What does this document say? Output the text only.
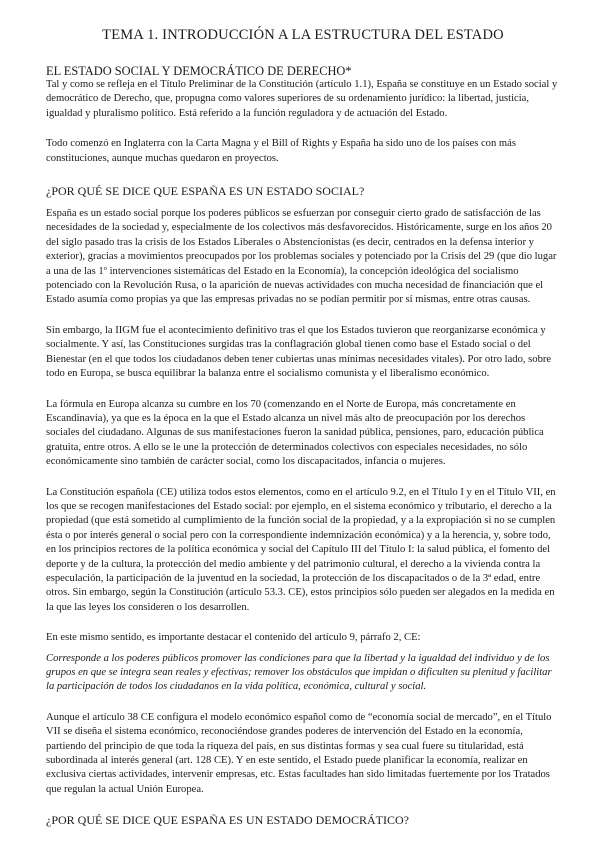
TEMA 1. INTRODUCCIÓN A LA ESTRUCTURA DEL ESTADO
EL ESTADO SOCIAL Y DEMOCRÁTICO DE DERECHO*

Tal y como se refleja en el Título Preliminar de la Constitución (artículo 1.1), España se constituye en un Estado social y democrático de Derecho, que, propugna como valores superiores de su ordenamiento jurídico: la libertad, justicia, igualdad y pluralismo político. Está referido a la función reguladora y de actuación del Estado.

Todo comenzó en Inglaterra con la Carta Magna y el Bill of Rights y España ha sido uno de los países con más constituciones, aunque muchas quedaron en proyectos.

¿POR QUÉ SE DICE QUE ESPAÑA ES UN ESTADO SOCIAL?

España es un estado social porque los poderes públicos se esfuerzan por conseguir cierto grado de satisfacción de las necesidades de la sociedad y, especialmente de los colectivos más desfavorecidos. Históricamente, surge en los años 20 del siglo pasado tras la crisis de los Estados Liberales o Abstencionistas (es decir, centrados en la defensa interior y exterior), gracias a movimientos preocupados por los problemas sociales y potenciado por la Crisis del 29 (que dio lugar a una de las 1º intervenciones sistemáticas del Estado en la Economía), la concepción ideológica del socialismo potenciado con la Revolución Rusa, o la aparición de nuevas actividades con mucha necesidad de financiación que el Estado asumía como propias ya que las empresas privadas no se podían permitir por sí mismas, entre otras causas.

Sin embargo, la IIGM fue el acontecimiento definitivo tras el que los Estados tuvieron que reorganizarse económica y socialmente. Y así, las Constituciones surgidas tras la conflagración global tienen como base el Estado social o del Bienestar (en el que todos los ciudadanos deben tener cubiertas unas mínimas necesidades vitales). Por otro lado, sobre todo en Europa, se busca equilibrar la balanza entre el socialismo comunista y el liberalismo económico.

La fórmula en Europa alcanza su cumbre en los 70 (comenzando en el Norte de Europa, más concretamente en Escandinavia), ya que es la época en la que el Estado alcanza un nivel más alto de preocupación por los derechos sociales del ciudadano. Algunas de sus manifestaciones fueron la sanidad pública, pensiones, paro, educación pública gratuita, entre otros. A ello se le une la protección de determinados colectivos con especiales necesidades, no sólo económicamente sino también de carácter social, como los discapacitados, infancia o mujeres.

La Constitución española (CE) utiliza todos estos elementos, como en el artículo 9.2, en el Título I y en el Título VII, en los que se recogen manifestaciones del Estado social: por ejemplo, en el sistema económico y tributario, el derecho a la propiedad (que está sometido al cumplimiento de la función social de la propiedad, y a la expropiación si no se cumplen ésta o por interés general o social pero con la correspondiente indemnización económica) y a la herencia, y, sobre todo, en los principios rectores de la política económica y social del Capítulo III del Título I: la salud pública, el fomento del deporte y de la cultura, la protección del medio ambiente y del patrimonio cultural, el derecho a la vivienda contra la especulación, la participación de la juventud en la sociedad, la protección de los discapacitados o de la 3ª edad, entre otros. Sin embargo, según la Constitución (artículo 53.3. CE), estos principios sólo pueden ser alegados en la medida en la que las leyes los consideren o los desarrollen.

En este mismo sentido, es importante destacar el contenido del artículo 9, párrafo 2, CE:

Corresponde a los poderes públicos promover las condiciones para que la libertad y la igualdad del individuo y de los grupos en que se integra sean reales y efectivas; remover los obstáculos que impidan o dificulten su plenitud y facilitar la participación de todos los ciudadanos en la vida política, económica, cultural y social.

Aunque el artículo 38 CE configura el modelo económico español como de “economía social de mercado”, en el Título VII se diseña el sistema económico, reconociéndose grandes poderes de intervención del Estado en la economía, partiendo del principio de que toda la riqueza del país, en sus distintas formas y sea cual fuere su titularidad, está subordinada al interés general (art. 128 CE). Y en este sentido, el Estado puede planificar la economía, realizar en exclusiva ciertas actividades, intervenir empresas, etc. Estas facultades han sido limitadas fuertemente por los Tratados que regulan la actual Unión Europea.

¿POR QUÉ SE DICE QUE ESPAÑA ES UN ESTADO DEMOCRÁTICO?
